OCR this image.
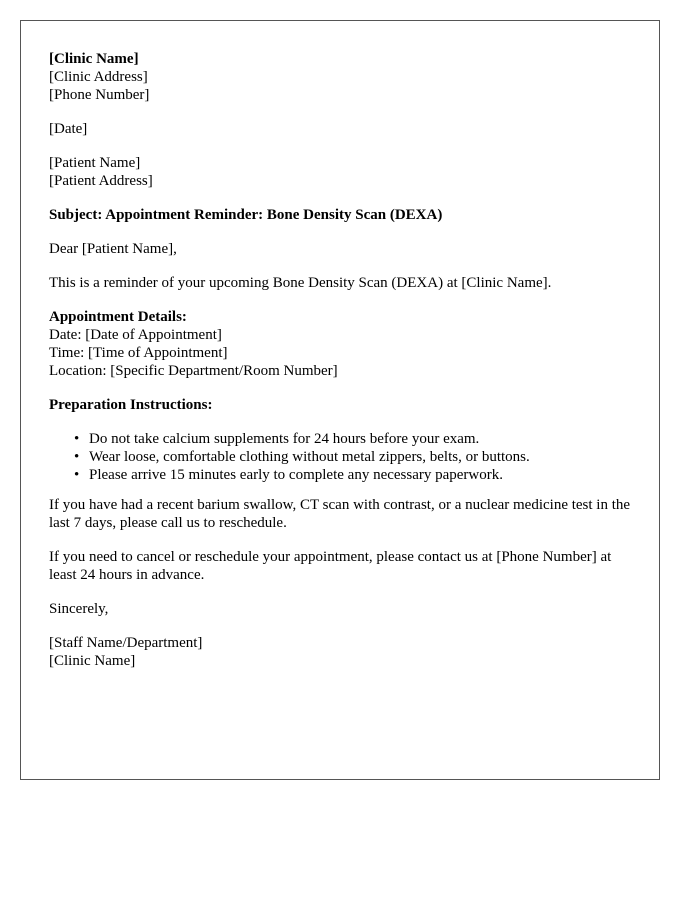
[Clinic Name]
[Clinic Address]
[Phone Number]
[Date]
[Patient Name]
[Patient Address]
Subject: Appointment Reminder: Bone Density Scan (DEXA)
Dear [Patient Name],
This is a reminder of your upcoming Bone Density Scan (DEXA) at [Clinic Name].
Appointment Details:
Date: [Date of Appointment]
Time: [Time of Appointment]
Location: [Specific Department/Room Number]
Preparation Instructions:
• Do not take calcium supplements for 24 hours before your exam.
• Wear loose, comfortable clothing without metal zippers, belts, or buttons.
• Please arrive 15 minutes early to complete any necessary paperwork.
If you have had a recent barium swallow, CT scan with contrast, or a nuclear medicine test in the last 7 days, please call us to reschedule.
If you need to cancel or reschedule your appointment, please contact us at [Phone Number] at least 24 hours in advance.
Sincerely,
[Staff Name/Department]
[Clinic Name]
